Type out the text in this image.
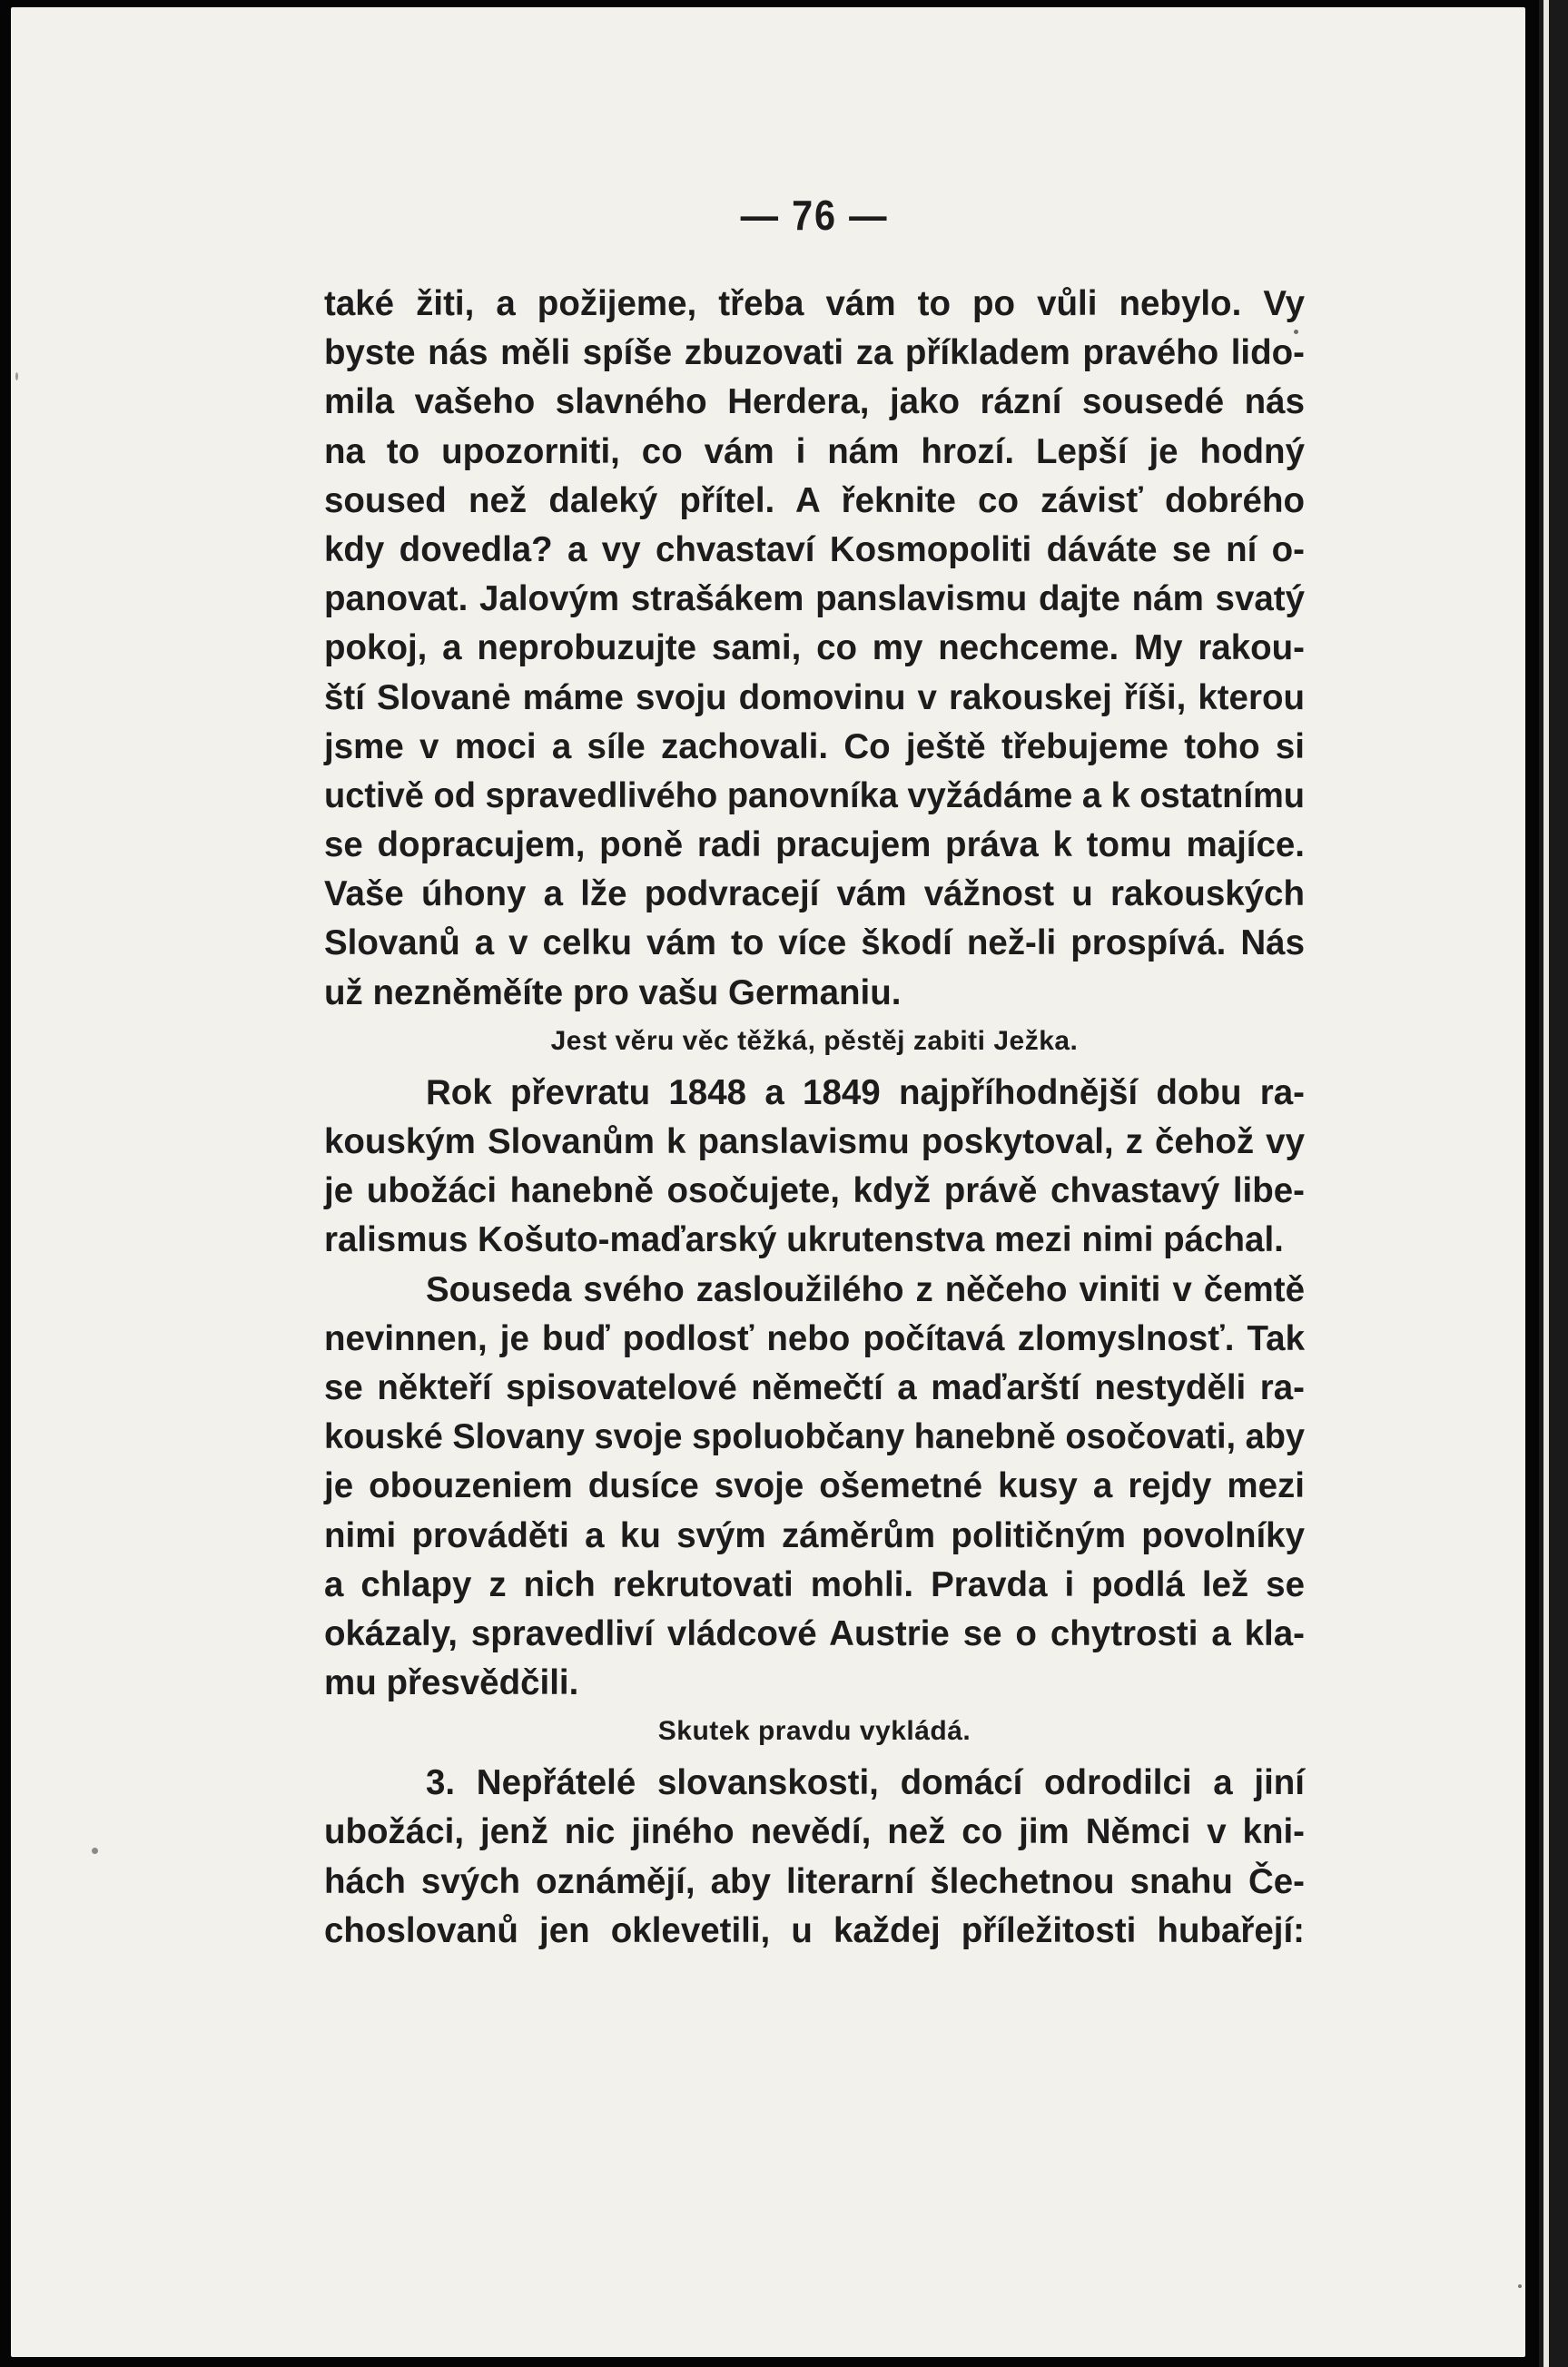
— 76 —
také žiti, a požijeme, třeba vám to po vůli nebylo. Vy
byste nás měli spíše zbuzovati za příkladem pravého lido-
mila vašeho slavného Herdera, jako rázní sousedé nás
na to upozorniti, co vám i nám hrozí. Lepší je hodný
soused než daleký přítel. A řeknite co závisť dobrého
kdy dovedla? a vy chvastaví Kosmopoliti dáváte se ní o-
panovat. Jalovým strašákem panslavismu dajte nám svatý
pokoj, a neprobuzujte sami, co my nechceme. My rakou-
ští Slovanė máme svoju domovinu v rakouskej říši, kterou
jsme v moci a síle zachovali. Co ještě třebujeme toho si
uctivě od spravedlivého panovníka vyžádáme a k ostatnímu
se dopracujem, poně radi pracujem práva k tomu majíce.
Vaše úhony a lže podvracejí vám vážnost u rakouských
Slovanů a v celku vám to více škodí než-li prospívá. Nás
už nezněměíte pro vašu Germaniu.
Jest věru věc těžká, pěstěj zabiti Ježka.
Rok převratu 1848 a 1849 najpříhodnější dobu ra-
kouským Slovanům k panslavismu poskytoval, z čehož vy
je ubožáci hanebně osočujete, když právě chvastavý libe-
ralismus Košuto-maďarský ukrutenstva mezi nimi páchal.
Souseda svého zasloužilého z něčeho viniti v čemtě
nevinnen, je buď podlosť nebo počítavá zlomyslnosť. Tak
se někteří spisovatelové němečtí a maďarští nestyděli ra-
kouské Slovany svoje spoluobčany hanebně osočovati, aby
je obouzeniem dusíce svoje ošemetné kusy a rejdy mezi
nimi prováděti a ku svým záměrům političným povolníky
a chlapy z nich rekrutovati mohli. Pravda i podlá lež se
okázaly, spravedliví vládcové Austrie se o chytrosti a kla-
mu přesvědčili.
Skutek pravdu vykládá.
3. Nepřátelé slovanskosti, domácí odrodilci a jiní
ubožáci, jenž nic jiného nevědí, než co jim Němci v kni-
hách svých oznámějí, aby literarní šlechetnou snahu Če-
choslovanů jen oklevetili, u každej příležitosti hubařejí:
